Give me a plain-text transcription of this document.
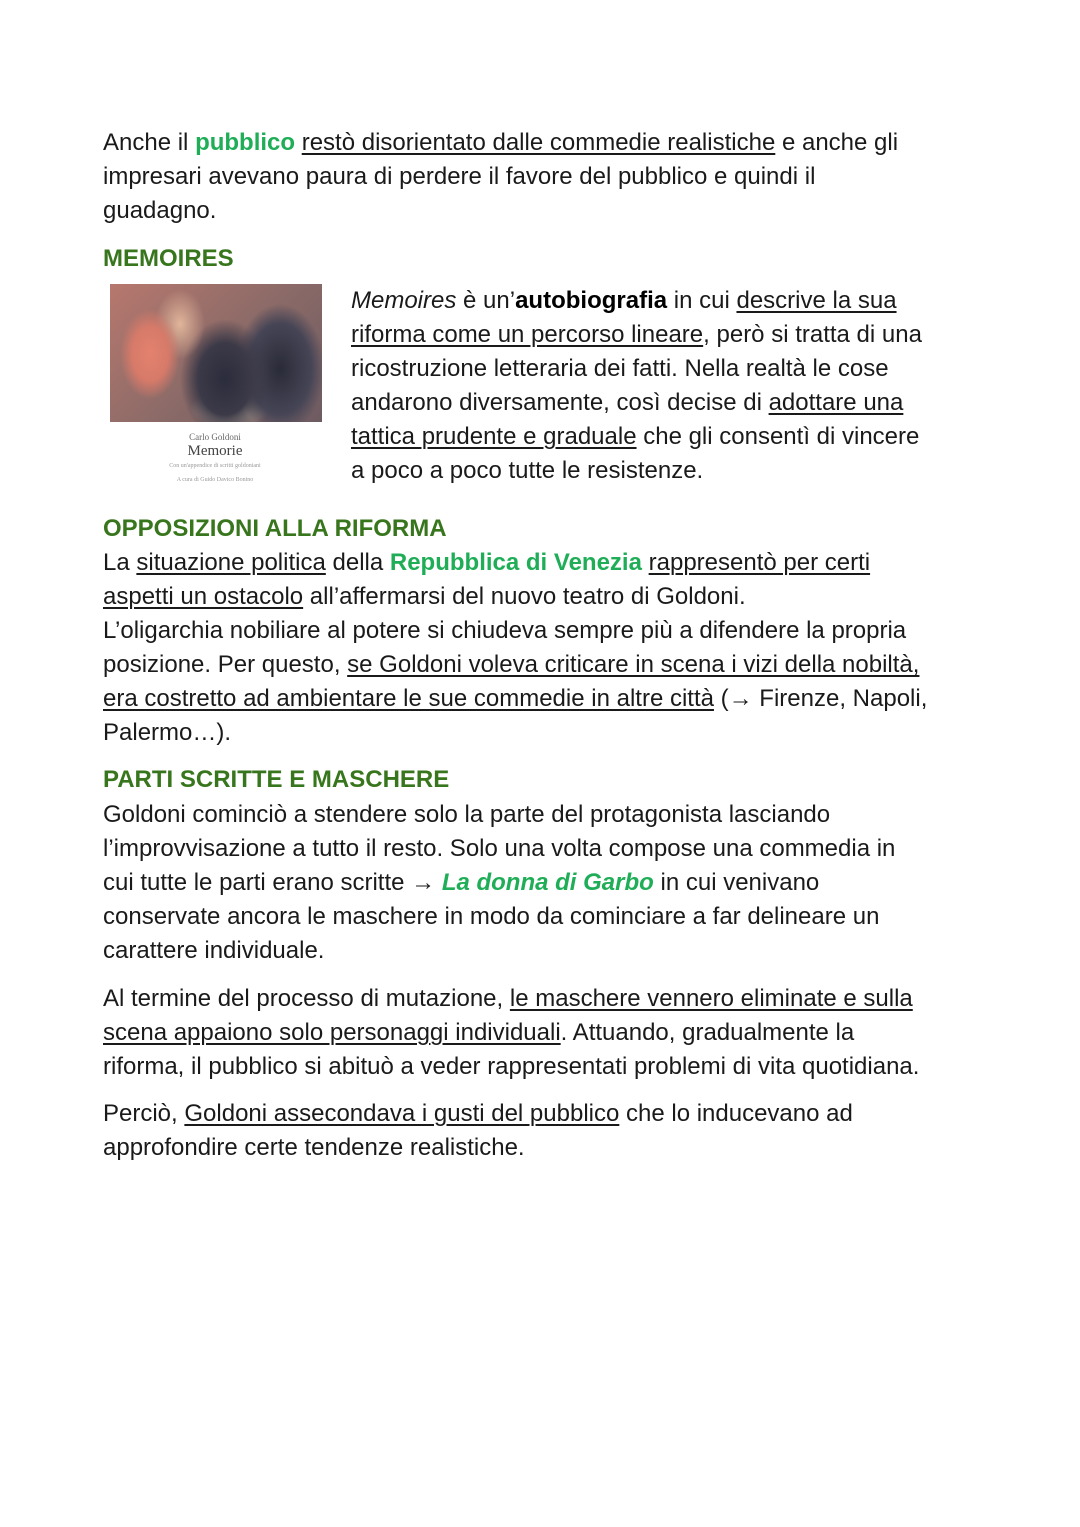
Anche il pubblico restò disorientato dalle commedie realistiche e anche gli
impresari avevano paura di perdere il favore del pubblico e quindi il
guadagno.
MEMOIRES
Carlo Goldoni
Memorie
Con un'appendice di scritti goldoniani
A cura di Guido Davico Bonino
Memoires è un’autobiografia in cui descrive la sua
riforma come un percorso lineare, però si tratta di una
ricostruzione letteraria dei fatti. Nella realtà le cose
andarono diversamente, così decise di adottare una
tattica prudente e graduale che gli consentì di vincere
a poco a poco tutte le resistenze.
OPPOSIZIONI ALLA RIFORMA
La situazione politica della Repubblica di Venezia rappresentò per certi
aspetti un ostacolo all’affermarsi del nuovo teatro di Goldoni.
L’oligarchia nobiliare al potere si chiudeva sempre più a difendere la propria
posizione. Per questo, se Goldoni voleva criticare in scena i vizi della nobiltà,
era costretto ad ambientare le sue commedie in altre città (→ Firenze, Napoli,
Palermo…).
PARTI SCRITTE E MASCHERE
Goldoni cominciò a stendere solo la parte del protagonista lasciando
l’improvvisazione a tutto il resto. Solo una volta compose una commedia in
cui tutte le parti erano scritte → La donna di Garbo in cui venivano
conservate ancora le maschere in modo da cominciare a far delineare un
carattere individuale.
Al termine del processo di mutazione, le maschere vennero eliminate e sulla
scena appaiono solo personaggi individuali. Attuando, gradualmente la
riforma, il pubblico si abituò a veder rappresentati problemi di vita quotidiana.
Perciò, Goldoni assecondava i gusti del pubblico che lo inducevano ad
approfondire certe tendenze realistiche.
